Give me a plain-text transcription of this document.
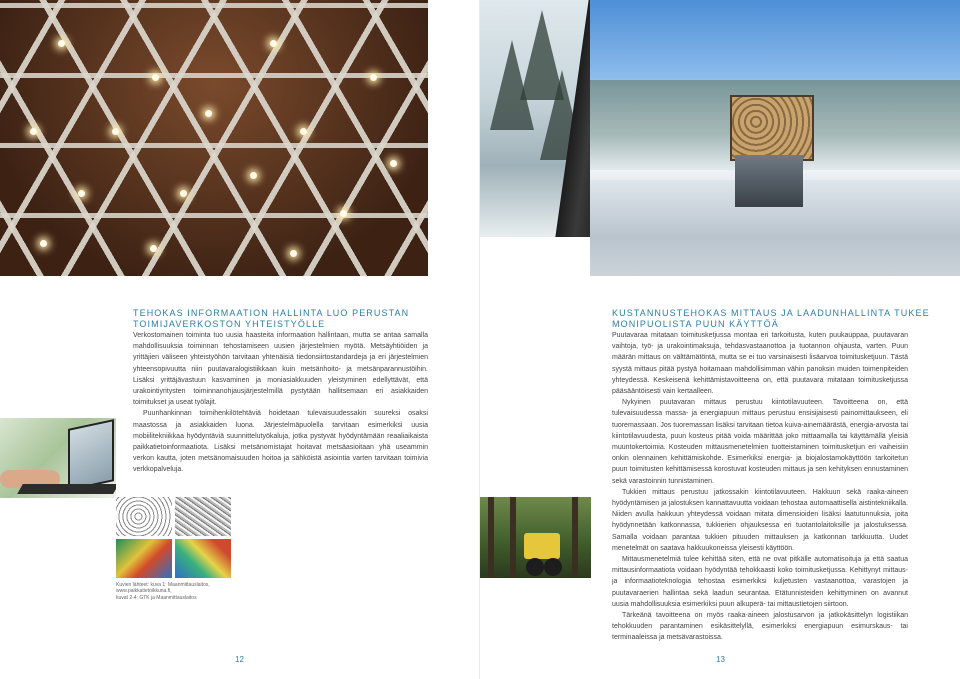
TEHOKAS INFORMAATION HALLINTA LUO PERUSTAN
TOIMIJAVERKOSTON YHTEISTYÖLLE

Verkostomainen toiminta tuo uusia haasteita informaation hallintaan, mutta se antaa samalla mahdollisuuksia toiminnan tehostamiseen uusien järjestelmien myötä. Metsäyhtiöiden ja yrittäjien väliseen yhteistyöhön tarvitaan yhtenäisiä tiedonsiirtostandardeja ja eri järjestelmien yhteensopivuutta niin puutavaralogistiikkaan kuin metsänhoito- ja metsänparannustöihin. Lisäksi yrittäjävastuun kasvaminen ja moniasiakkuuden yleistyminen edellyttävät, että urakointiyritysten toiminnanohjausjärjestelmillä pystytään hallitsemaan eri asiakkaiden toimitukset ja useat työlajit.

Puunhankinnan toimihenkilötehtäviä hoidetaan tulevaisuudessakin suureksi osaksi maastossa ja asiakkaiden luona. Järjestelmäpuolella tarvitaan esimerkiksi uusia mobiilitekniikkaa hyödyntäviä suunnittelutyökaluja, jotka pystyvät hyödyntämään reaaliaikaista paikkatietoinformaatiota. Lisäksi metsänomistajat hoitavat metsäasioitaan yhä useammin verkon kautta, joten metsänomaisuuden hoitoa ja sähköistä asiointia varten tarvitaan toimivia verkkopalveluja.

Kuvien lähteet: kuva 1: Maanmittauslaitos,
www.paikkatietoikkuna.fi,
kuvat 2-4: GTK ja Maanmittauslaitos
12
KUSTANNUSTEHOKAS MITTAUS JA LAADUNHALLINTA TUKEE
MONIPUOLISTA PUUN KÄYTTÖÄ

Puutavaraa mitataan toimitusketjussa montaa eri tarkoitusta, kuten puukauppaa, puutavaran vaihtoja, työ- ja urakointimaksuja, tehdasvastaanottoa ja tuotannon ohjausta, varten. Puun määrän mittaus on välttämätöntä, mutta se ei tuo varsinaisesti lisäarvoa toimitusketjuun. Tästä syystä mittaus pitää pystyä hoitamaan mahdollisimman vähin panoksin muiden toimenpiteiden yhteydessä. Keskeisenä kehittämistavoitteena on, että puutavara mitataan toimitusketjussa pääsääntöisesti vain kertaalleen.

Nykyinen puutavaran mittaus perustuu kiintotilavuuteen. Tavoitteena on, että tulevaisuudessa massa- ja energiapuun mittaus perustuu ensisijaisesti painomittaukseen, eli tuoremassaan. Jos tuoremassan lisäksi tarvitaan tietoa kuiva-ainemäärästä, energia-arvosta tai kiintotilavuudesta, puun kosteus pitää voida määrittää joko mittaamalla tai käyttämällä yleisiä muuntokertoimia. Kosteuden mittausmenetelmien tuotteistaminen toimitusketjun eri vaiheisiin onkin olennainen kehittämiskohde. Esimerkiksi energia- ja biojalostamokäyttöön tarkoitetun puun toimitusten kehittämisessä korostuvat kosteuden mittaus ja sen kehityksen ennustaminen sekä varastoinnin tunnistaminen.

Tukkien mittaus perustuu jatkossakin kiintotilavuuteen. Hakkuun sekä raaka-aineen hyödyntämisen ja jalostuksen kannattavuutta voidaan tehostaa automaattisella aistintekniikalla. Niiden avulla hakkuun yhteydessä voidaan mitata dimensioiden lisäksi laatutunnuksia, joita hyödynnetään katkonnassa, tukkierien ohjauksessa eri tuotantolaitoksille ja jalostuksessa. Samalla voidaan parantaa tukkien pituuden mittauksen ja katkonnan tarkkuutta. Uudet menetelmät on saatava hakkuukoneissa yleisesti käyttöön.

Mittausmenetelmiä tulee kehittää siten, että ne ovat pitkälle automatisoituja ja että saatua mittausinformaatiota voidaan hyödyntää tehokkaasti koko toimitusketjussa. Kehittynyt mittaus- ja informaatioteknologia tehostaa esimerkiksi kuljetusten vastaanottoa, varastojen ja puutavaraerien hallintaa sekä laadun seurantaa. Etätunnisteiden kehittyminen on avannut uusia mahdollisuuksia esimerkiksi puun alkuperä- tai mittaustietojen siirtoon.

Tärkeänä tavoitteena on myös raaka-aineen jalostusarvon ja jatkokäsittelyn logistiikan tehokkuuden parantaminen esikäsittelyllä, esimerkiksi energiapuun esimurskaus- tai terminaaleissa ja metsävarastoissa.

13
